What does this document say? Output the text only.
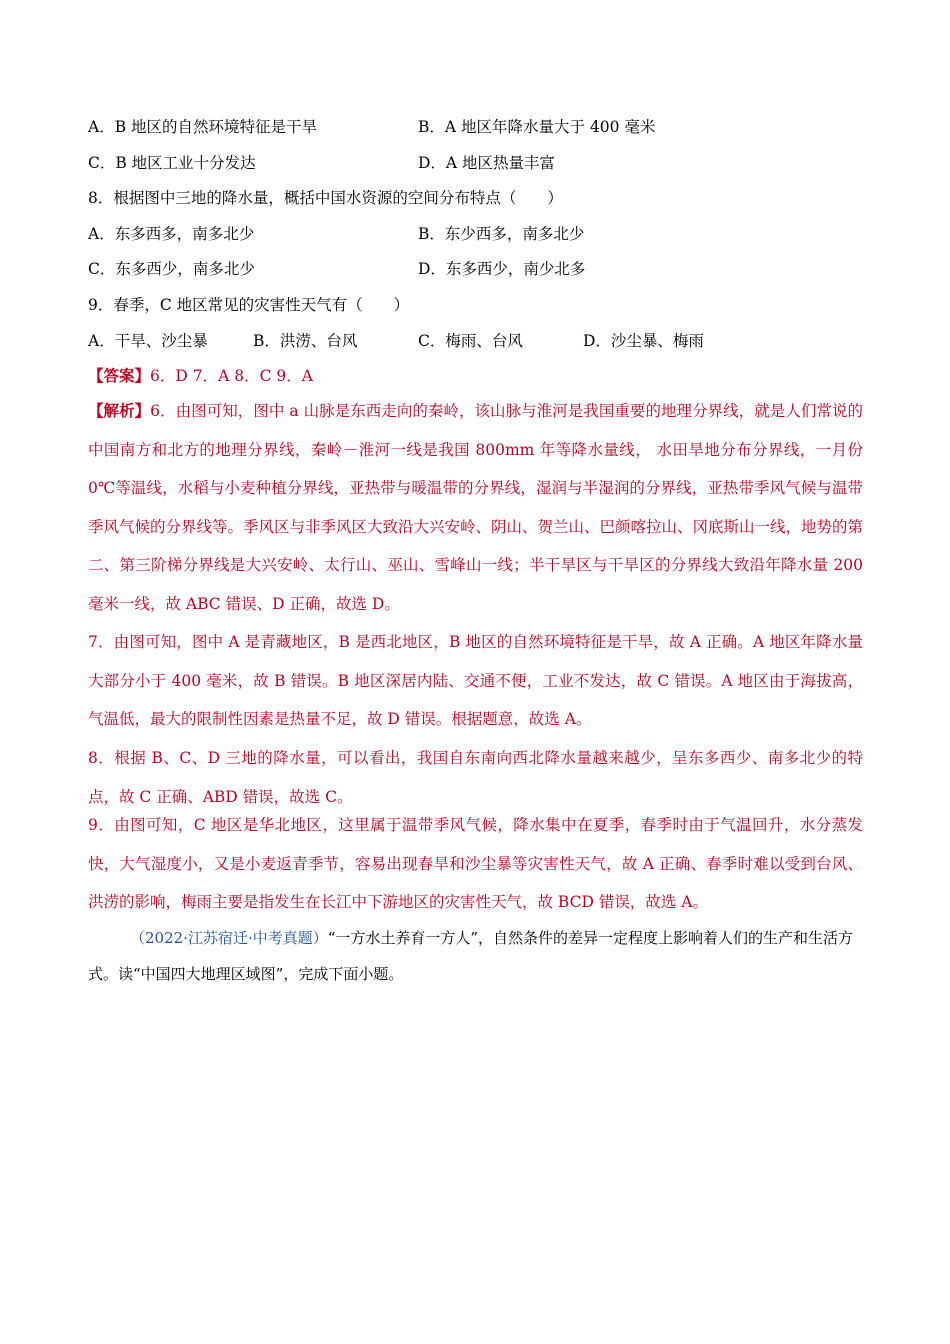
A．B 地区的自然环境特征是干旱	B．A 地区年降水量大于 400 毫米
C．B 地区工业十分发达	D．A 地区热量丰富
8．根据图中三地的降水量，概括中国水资源的空间分布特点（　　）
A．东多西多，南多北少	B．东少西多，南多北少
C．东多西少，南多北少	D．东多西少，南少北多
9．春季，C 地区常见的灾害性天气有（　　）
A．干旱、沙尘暴	B．洪涝、台风	C．梅雨、台风	D．沙尘暴、梅雨
【答案】6．D 7．A 8．C 9．A
【解析】6．由图可知，图中 a 山脉是东西走向的秦岭，该山脉与淮河是我国重要的地理分界线，就是人们常说的中国南方和北方的地理分界线，秦岭－淮河一线是我国 800mm 年等降水量线， 水田旱地分布分界线，一月份 0℃等温线，水稻与小麦种植分界线，亚热带与暖温带的分界线，湿润与半湿润的分界线，亚热带季风气候与温带季风气候的分界线等。季风区与非季风区大致沿大兴安岭、阴山、贺兰山、巴颜喀拉山、冈底斯山一线，地势的第二、第三阶梯分界线是大兴安岭、太行山、巫山、雪峰山一线；半干旱区与干旱区的分界线大致沿年降水量 200 毫米一线，故 ABC 错误、D 正确，故选 D。
7．由图可知，图中 A 是青藏地区，B 是西北地区，B 地区的自然环境特征是干旱，故 A 正确。A 地区年降水量大部分小于 400 毫米，故 B 错误。B 地区深居内陆、交通不便，工业不发达，故 C 错误。A 地区由于海拔高，气温低，最大的限制性因素是热量不足，故 D 错误。根据题意，故选 A。
8．根据 B、C、D 三地的降水量，可以看出，我国自东南向西北降水量越来越少，呈东多西少、南多北少的特点，故 C 正确、ABD 错误，故选 C。
9．由图可知，C 地区是华北地区，这里属于温带季风气候，降水集中在夏季，春季时由于气温回升，水分蒸发快，大气湿度小，又是小麦返青季节，容易出现春旱和沙尘暴等灾害性天气，故 A 正确、春季时难以受到台风、洪涝的影响，梅雨主要是指发生在长江中下游地区的灾害性天气，故 BCD 错误，故选 A。
（2022·江苏宿迁·中考真题）“一方水土养育一方人”，自然条件的差异一定程度上影响着人们的生产和生活方式。读“中国四大地理区域图”，完成下面小题。
